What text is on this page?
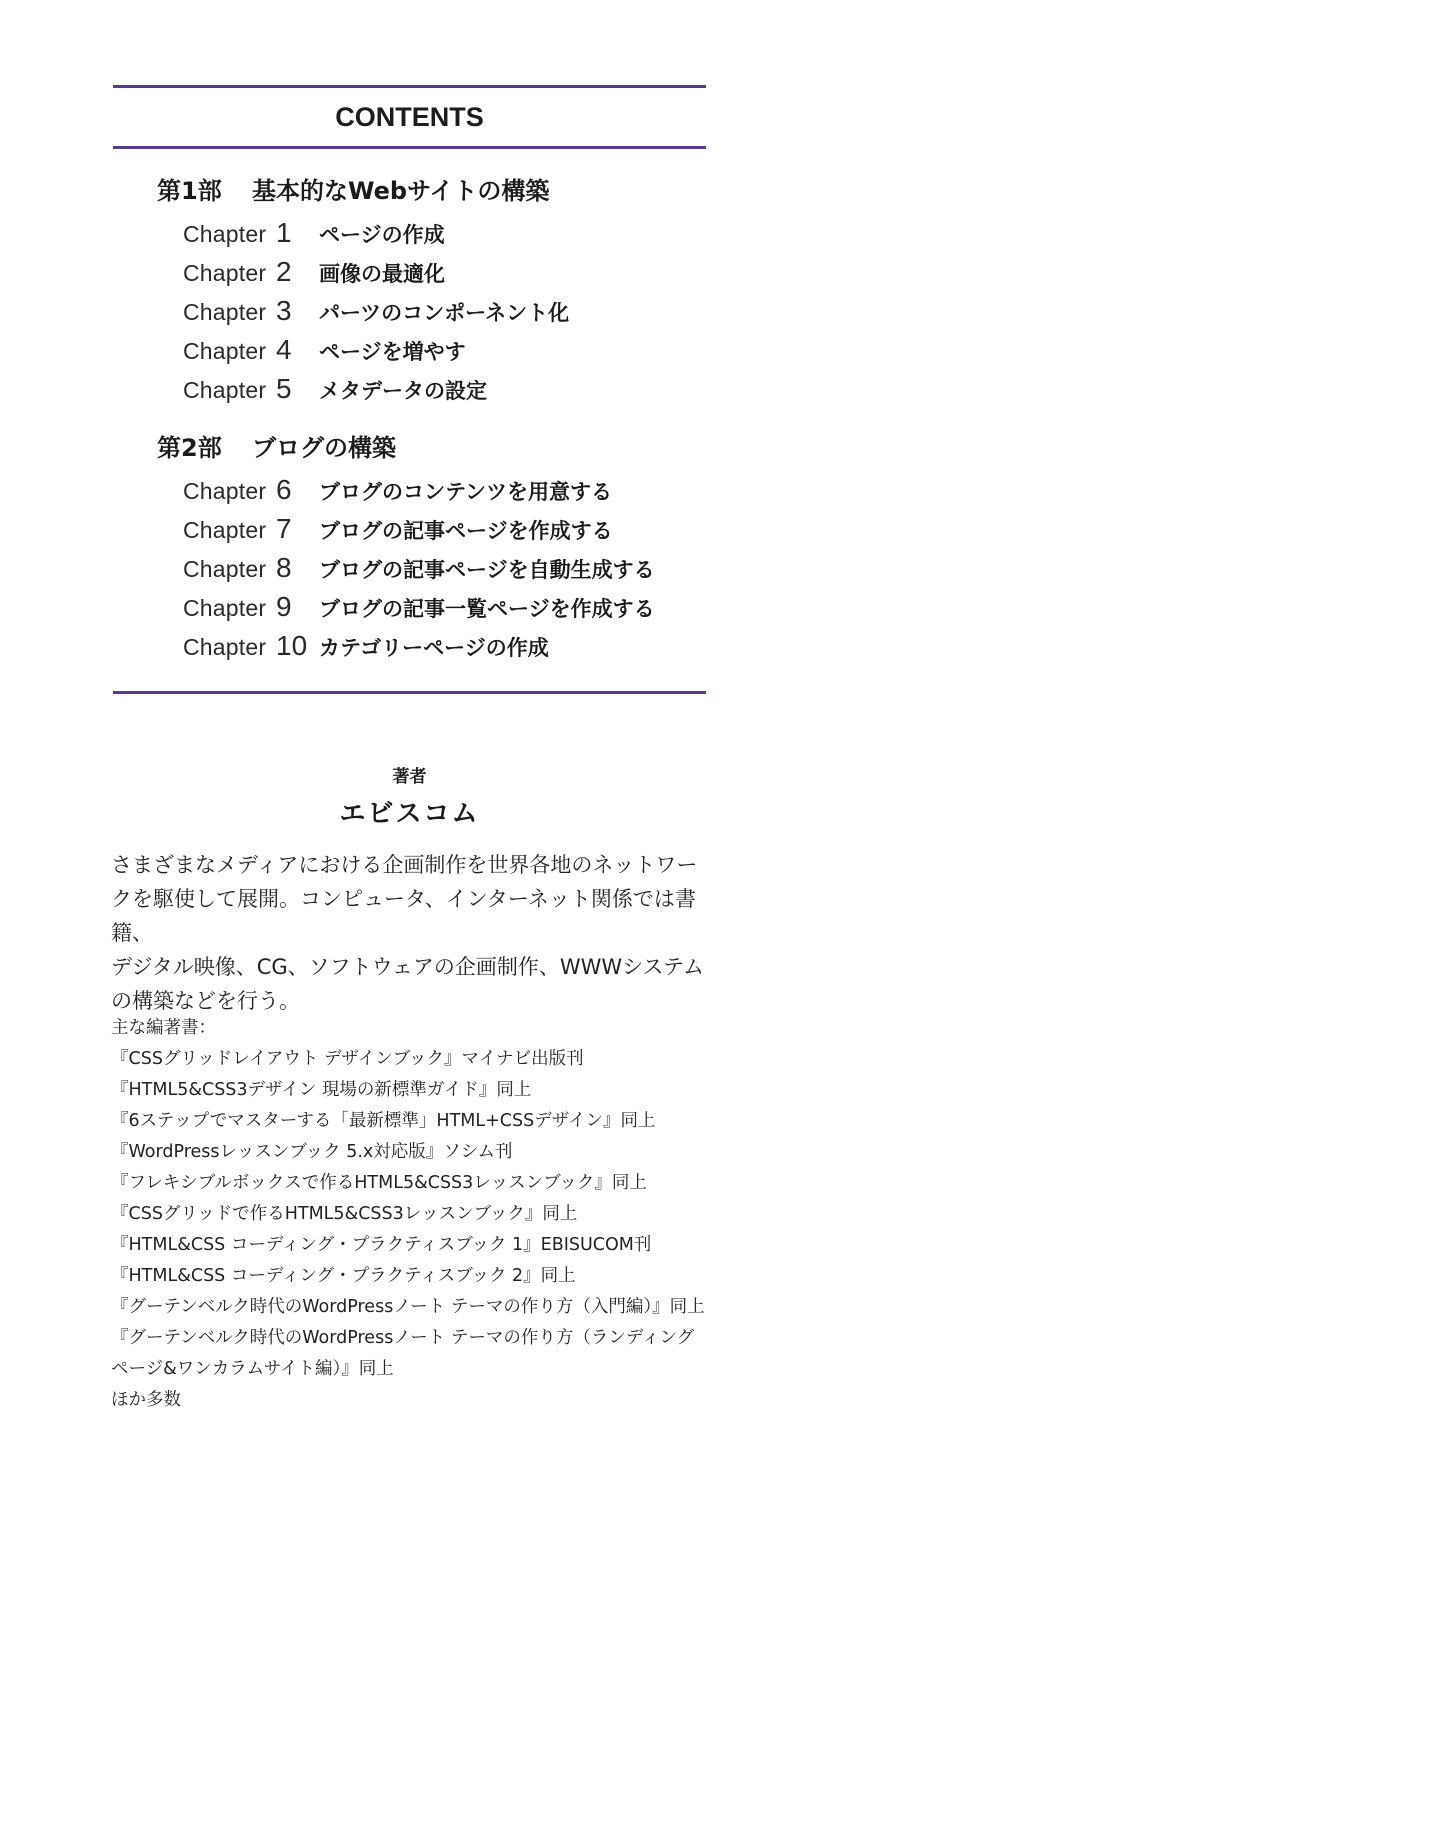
CONTENTS
第1部 基本的なWebサイトの構築
Chapter 1	ページの作成
Chapter 2	画像の最適化
Chapter 3	パーツのコンポーネント化
Chapter 4	ページを増やす
Chapter 5	メタデータの設定
第2部 ブログの構築
Chapter 6	ブログのコンテンツを用意する
Chapter 7	ブログの記事ページを作成する
Chapter 8	ブログの記事ページを自動生成する
Chapter 9	ブログの記事一覧ページを作成する
Chapter 10 カテゴリーページの作成
著者
エビスコム
さまざまなメディアにおける企画制作を世界各地のネットワー
クを駆使して展開。コンピュータ、インターネット関係では書籍、
デジタル映像、CG、ソフトウェアの企画制作、WWWシステム
の構築などを行う。
主な編著書：
『CSSグリッドレイアウト デザインブック』マイナビ出版刊
『HTML5&CSS3デザイン 現場の新標準ガイド』同上
『6ステップでマスターする「最新標準」HTML+CSSデザイン』同上
『WordPressレッスンブック 5.x対応版』ソシム刊
『フレキシブルボックスで作るHTML5&CSS3レッスンブック』同上
『CSSグリッドで作るHTML5&CSS3レッスンブック』同上
『HTML&CSS コーディング・プラクティスブック 1』EBISUCOM刊
『HTML&CSS コーディング・プラクティスブック 2』同上
『グーテンベルク時代のWordPressノート テーマの作り方（入門編）』同上
『グーテンベルク時代のWordPressノート テーマの作り方（ランディング
ページ&ワンカラムサイト編）』同上
ほか多数
